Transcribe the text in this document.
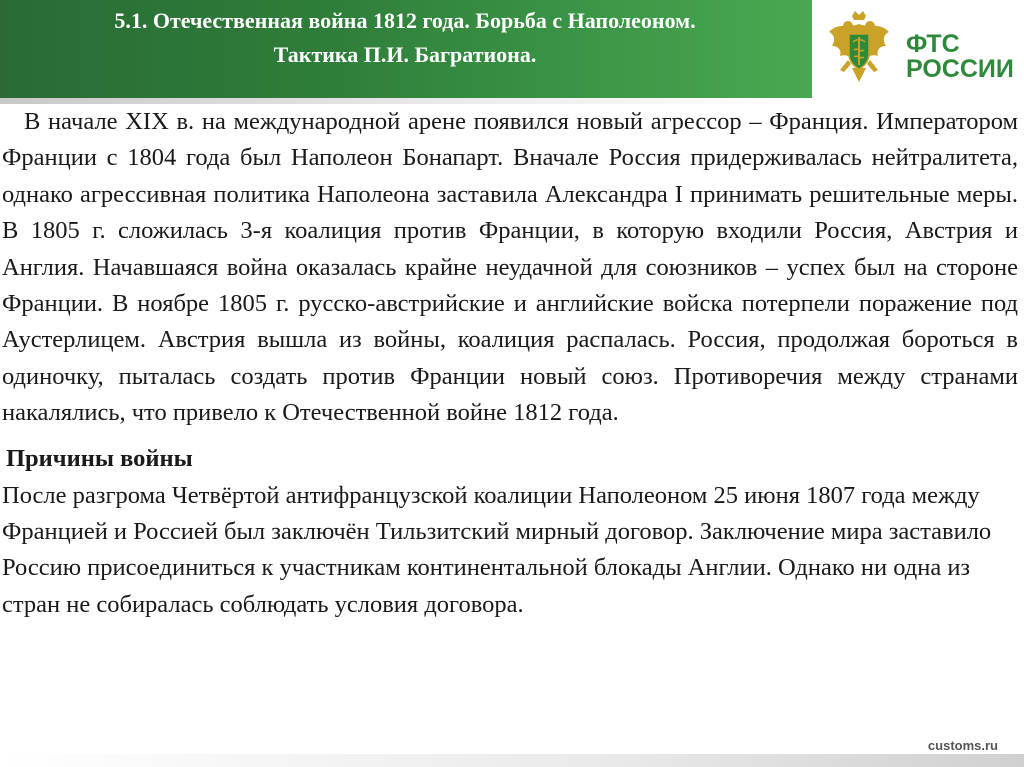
5.1. Отечественная война 1812 года. Борьба с Наполеоном.
Тактика П.И. Багратиона.	ФТС
РОССИИ

В начале XIX в. на международной арене появился новый агрессор – Франция. Императором Франции с 1804 года был Наполеон Бонапарт. Вначале Россия придерживалась нейтралитета, однако агрессивная политика Наполеона заставила Александра I принимать решительные меры. В 1805 г. сложилась 3-я коалиция против Франции, в которую входили Россия, Австрия и Англия. Начавшаяся война оказалась крайне неудачной для союзников – успех был на стороне Франции. В ноябре 1805 г. русско-австрийские и английские войска потерпели поражение под Аустерлицем. Австрия вышла из войны, коалиция распалась. Россия, продолжая бороться в одиночку, пыталась создать против Франции новый союз. Противоречия между странами накалялись, что привело к Отечественной войне 1812 года.

Причины войны

После разгрома Четвёртой антифранцузской коалиции Наполеоном 25 июня 1807 года между Францией и Россией был заключён Тильзитский мирный договор. Заключение мира заставило Россию присоединиться к участникам континентальной блокады Англии. Однако ни одна из стран не собиралась соблюдать условия договора.

customs.ru
